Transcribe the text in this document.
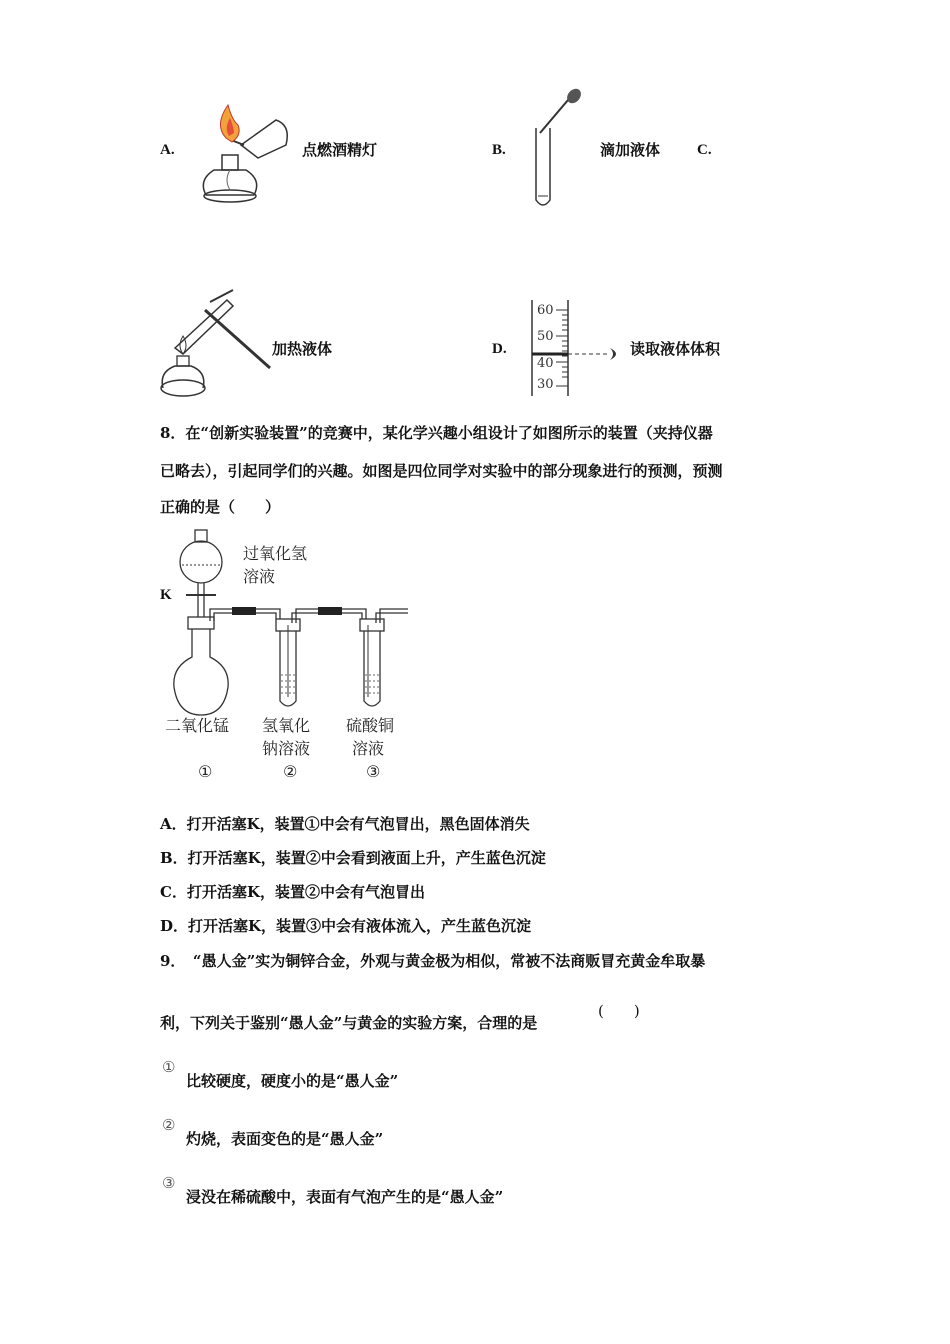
A.	点燃酒精灯	B.	滴加液体 C.
加热液体	D.
60
50
40
30
读取液体体积
8．在“创新实验装置”的竞赛中，某化学兴趣小组设计了如图所示的装置（夹持仪器
已略去），引起同学们的兴趣。如图是四位同学对实验中的部分现象进行的预测，预测
正确的是（　　）
过氧化氢
溶液
K
二氧化锰 氢氧化
钠溶液
硫酸铜
溶液
①	②	③
A．打开活塞K，装置①中会有气泡冒出，黑色固体消失
B．打开活塞K，装置②中会看到液面上升，产生蓝色沉淀
C．打开活塞K，装置②中会有气泡冒出
D．打开活塞K，装置③中会有液体流入，产生蓝色沉淀
9．　“愚人金”实为铜锌合金，外观与黄金极为相似，常被不法商贩冒充黄金牟取暴
利，下列关于鉴别“愚人金”与黄金的实验方案，合理的是
(　　)
①
比较硬度，硬度小的是“愚人金”
②
灼烧，表面变色的是“愚人金”
③
浸没在稀硫酸中，表面有气泡产生的是“愚人金”
